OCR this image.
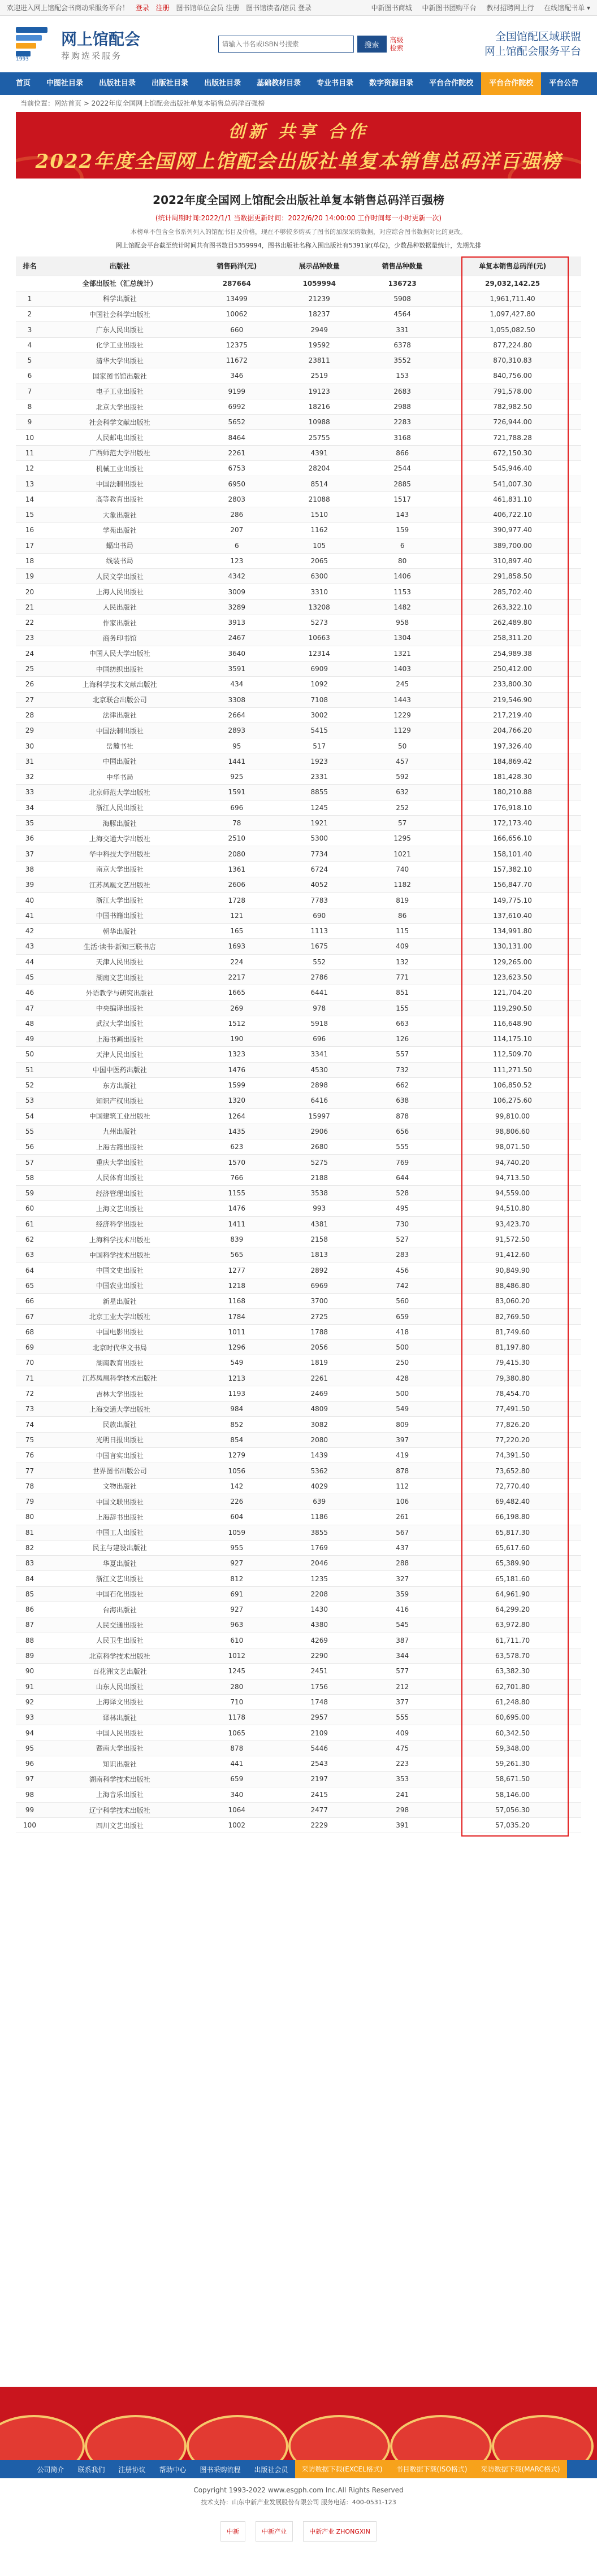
欢迎进入网上馆配会书商动采服务平台！ 登录 注册 图书馆单位会员 注册 图书馆读者/馆员 登录	中新图书商城 中新图书团购平台 教材招聘网上行 在线馆配书单 ▾
1993
网上馆配会
荐购选采服务
请输入书名或ISBN号搜索
搜索
高级检索
全国馆配区域联盟
网上馆配会服务平台
首页	中图社目录	出版社目录	出版社目录	出版社目录	基础教材目录	专业书目录	数字资源目录	平台合作院校	平台合作院校	平台公告
当前位置：网站首页 > 2022年度全国网上馆配会出版社单复本销售总码洋百强榜
创新 共享 合作
2022年度全国网上馆配会出版社单复本销售总码洋百强榜
2022年度全国网上馆配会出版社单复本销售总码洋百强榜
(统计周期时间:2022/1/1 当数据更新时间：2022/6/20 14:00:00 工作时间每一小时更新一次)
本榜单不包含全书系列列入的馆配书目及价格，现在不够较多购买了图书的加深采购数据，对应综合图书数据对比的更改。
网上馆配会平台截至统计时间共有图书数目5359994，图书出版社名称入围出版社有5391家(单位)，少数品种数据量统计，先期先排
排名	出版社	销售码洋(元)	展示品种数量	销售品种数量	单复本销售总码洋(元)
	全部出版社（汇总统计）	287664	1059994	136723	29,032,142.25
1	科学出版社	13499	21239	5908	1,961,711.40
2	中国社会科学出版社	10062	18237	4564	1,097,427.80
3	广东人民出版社	660	2949	331	1,055,082.50
4	化学工业出版社	12375	19592	6378	877,224.80
5	清华大学出版社	11672	23811	3552	870,310.83
6	国家图书馆出版社	346	2519	153	840,756.00
7	电子工业出版社	9199	19123	2683	791,578.00
8	北京大学出版社	6992	18216	2988	782,982.50
9	社会科学文献出版社	5652	10988	2283	726,944.00
10	人民邮电出版社	8464	25755	3168	721,788.28
11	广西师范大学出版社	2261	4391	866	672,150.30
12	机械工业出版社	6753	28204	2544	545,946.40
13	中国法制出版社	6950	8514	2885	541,007.30
14	高等教育出版社	2803	21088	1517	461,831.10
15	大象出版社	286	1510	143	406,722.10
16	学苑出版社	207	1162	159	390,977.40
17	蝠出书局	6	105	6	389,700.00
18	线装书局	123	2065	80	310,897.40
19	人民文学出版社	4342	6300	1406	291,858.50
20	上海人民出版社	3009	3310	1153	285,702.40
21	人民出版社	3289	13208	1482	263,322.10
22	作家出版社	3913	5273	958	262,489.80
23	商务印书馆	2467	10663	1304	258,311.20
24	中国人民大学出版社	3640	12314	1321	254,989.38
25	中国纺织出版社	3591	6909	1403	250,412.00
26	上海科学技术文献出版社	434	1092	245	233,800.30
27	北京联合出版公司	3308	7108	1443	219,546.90
28	法律出版社	2664	3002	1229	217,219.40
29	中国法制出版社	2893	5415	1129	204,766.20
30	岳麓书社	95	517	50	197,326.40
31	中国出版社	1441	1923	457	184,869.42
32	中华书局	925	2331	592	181,428.30
33	北京师范大学出版社	1591	8855	632	180,210.88
34	浙江人民出版社	696	1245	252	176,918.10
35	海豚出版社	78	1921	57	172,173.40
36	上海交通大学出版社	2510	5300	1295	166,656.10
37	华中科技大学出版社	2080	7734	1021	158,101.40
38	南京大学出版社	1361	6724	740	157,382.10
39	江苏凤凰文艺出版社	2606	4052	1182	156,847.70
40	浙江大学出版社	1728	7783	819	149,775.10
41	中国书籍出版社	121	690	86	137,610.40
42	朝华出版社	165	1113	115	134,991.80
43	生活·读书·新知三联书店	1693	1675	409	130,131.00
44	天津人民出版社	224	552	132	129,265.00
45	湖南文艺出版社	2217	2786	771	123,623.50
46	外语教学与研究出版社	1665	6441	851	121,704.20
47	中央编译出版社	269	978	155	119,290.50
48	武汉大学出版社	1512	5918	663	116,648.90
49	上海书画出版社	190	696	126	114,175.10
50	天津人民出版社	1323	3341	557	112,509.70
51	中国中医药出版社	1476	4530	732	111,271.50
52	东方出版社	1599	2898	662	106,850.52
53	知识产权出版社	1320	6416	638	106,275.60
54	中国建筑工业出版社	1264	15997	878	99,810.00
55	九州出版社	1435	2906	656	98,806.60
56	上海古籍出版社	623	2680	555	98,071.50
57	重庆大学出版社	1570	5275	769	94,740.20
58	人民体育出版社	766	2188	644	94,713.50
59	经济管理出版社	1155	3538	528	94,559.00
60	上海文艺出版社	1476	993	495	94,510.80
61	经济科学出版社	1411	4381	730	93,423.70
62	上海科学技术出版社	839	2158	527	91,572.50
63	中国科学技术出版社	565	1813	283	91,412.60
64	中国文史出版社	1277	2892	456	90,849.90
65	中国农业出版社	1218	6969	742	88,486.80
66	新星出版社	1168	3700	560	83,060.20
67	北京工业大学出版社	1784	2725	659	82,769.50
68	中国电影出版社	1011	1788	418	81,749.60
69	北京时代华文书局	1296	2056	500	81,197.80
70	湖南教育出版社	549	1819	250	79,415.30
71	江苏凤凰科学技术出版社	1213	2261	428	79,380.80
72	吉林大学出版社	1193	2469	500	78,454.70
73	上海交通大学出版社	984	4809	549	77,491.50
74	民族出版社	852	3082	809	77,826.20
75	光明日报出版社	854	2080	397	77,220.20
76	中国言实出版社	1279	1439	419	74,391.50
77	世界图书出版公司	1056	5362	878	73,652.80
78	文物出版社	142	4029	112	72,770.40
79	中国文联出版社	226	639	106	69,482.40
80	上海辞书出版社	604	1186	261	66,198.80
81	中国工人出版社	1059	3855	567	65,817.30
82	民主与建设出版社	955	1769	437	65,617.60
83	华夏出版社	927	2046	288	65,389.90
84	浙江文艺出版社	812	1235	327	65,181.60
85	中国石化出版社	691	2208	359	64,961.90
86	台海出版社	927	1430	416	64,299.20
87	人民交通出版社	963	4380	545	63,972.80
88	人民卫生出版社	610	4269	387	61,711.70
89	北京科学技术出版社	1012	2290	344	63,578.70
90	百花洲文艺出版社	1245	2451	577	63,382.30
91	山东人民出版社	280	1756	212	62,701.80
92	上海译文出版社	710	1748	377	61,248.80
93	译林出版社	1178	2957	555	60,695.00
94	中国人民出版社	1065	2109	409	60,342.50
95	暨南大学出版社	878	5446	475	59,348.00
96	知识出版社	441	2543	223	59,261.30
97	湖南科学技术出版社	659	2197	353	58,671.50
98	上海音乐出版社	340	2415	241	58,146.00
99	辽宁科学技术出版社	1064	2477	298	57,056.30
100	四川文艺出版社	1002	2229	391	57,035.20
公司简介	联系我们	注册协议	帮助中心	图书采购流程	出版社会员	采访数据下载(EXCEL格式)	书目数据下载(ISO格式)	采访数据下载(MARC格式)
Copyright 1993-2022 www.esgph.com Inc.All Rights Reserved
技术支持：山东中新产业发展股份有限公司 服务电话：400-0531-123
中新	中新产业	中新产业 ZHONGXIN
